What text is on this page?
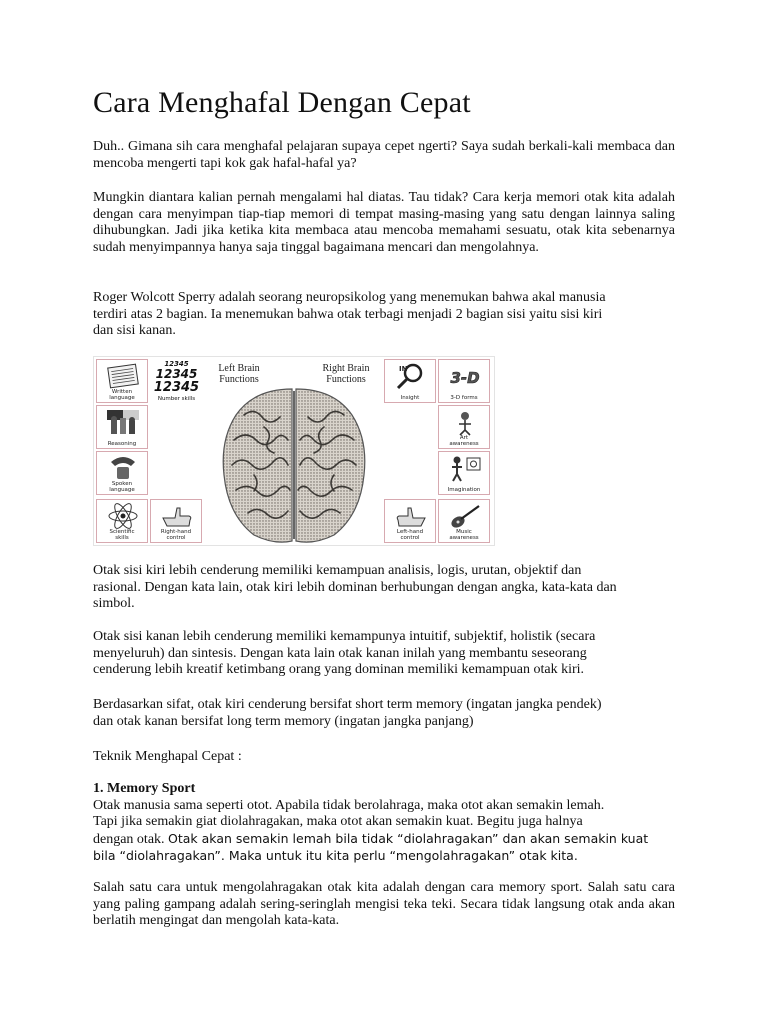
Cara Menghafal Dengan Cepat

Duh.. Gimana sih cara menghafal pelajaran supaya cepet ngerti? Saya sudah berkali-kali membaca dan mencoba mengerti tapi kok gak hafal-hafal ya?

Mungkin diantara kalian pernah mengalami hal diatas. Tau tidak? Cara kerja memori otak kita adalah dengan cara menyimpan tiap-tiap memori di tempat masing-masing yang satu dengan lainnya saling dihubungkan. Jadi jika ketika kita membaca atau mencoba memahami sesuatu, otak kita sebenarnya sudah menyimpannya hanya saja tinggal bagaimana mencari dan mengolahnya.

Roger Wolcott Sperry adalah seorang neuropsikolog yang menemukan bahwa akal manusia
terdiri atas 2 bagian. Ia menemukan bahwa otak terbagi menjadi 2 bagian sisi yaitu sisi kiri
dan sisi kanan.
Written
language
12345
12345
12345
Number skills
Reasoning
Spoken
language
Scientific
skills
Right-hand
control
Left Brain
Functions
Right Brain
Functions
IN
Insight
3-D
3-D forms
Art
awareness
Imagination
Left-hand
control
Music
awareness
Otak sisi kiri lebih cenderung memiliki kemampuan analisis, logis, urutan, objektif dan
rasional. Dengan kata lain, otak kiri lebih dominan berhubungan dengan angka, kata-kata dan
simbol.
Otak sisi kanan lebih cenderung memiliki kemampunya intuitif, subjektif, holistik (secara
menyeluruh) dan sintesis. Dengan kata lain otak kanan inilah yang membantu seseorang
cenderung lebih kreatif ketimbang orang yang dominan memiliki kemampuan otak kiri.
Berdasarkan sifat, otak kiri cenderung bersifat short term memory (ingatan jangka pendek)
dan otak kanan bersifat long term memory (ingatan jangka panjang)
Teknik Menghapal Cepat :
1. Memory Sport
Otak manusia sama seperti otot. Apabila tidak berolahraga, maka otot akan semakin lemah.
Tapi jika semakin giat diolahragakan, maka otot akan semakin kuat. Begitu juga halnya
dengan otak. Otak akan semakin lemah bila tidak “diolahragakan” dan akan semakin kuat
bila “diolahragakan”. Maka untuk itu kita perlu “mengolahragakan” otak kita.

Salah satu cara untuk mengolahragakan otak kita adalah dengan cara memory sport. Salah satu cara yang paling gampang adalah sering-seringlah mengisi teka teki. Secara tidak langsung otak anda akan berlatih mengingat dan mengolah kata-kata.
